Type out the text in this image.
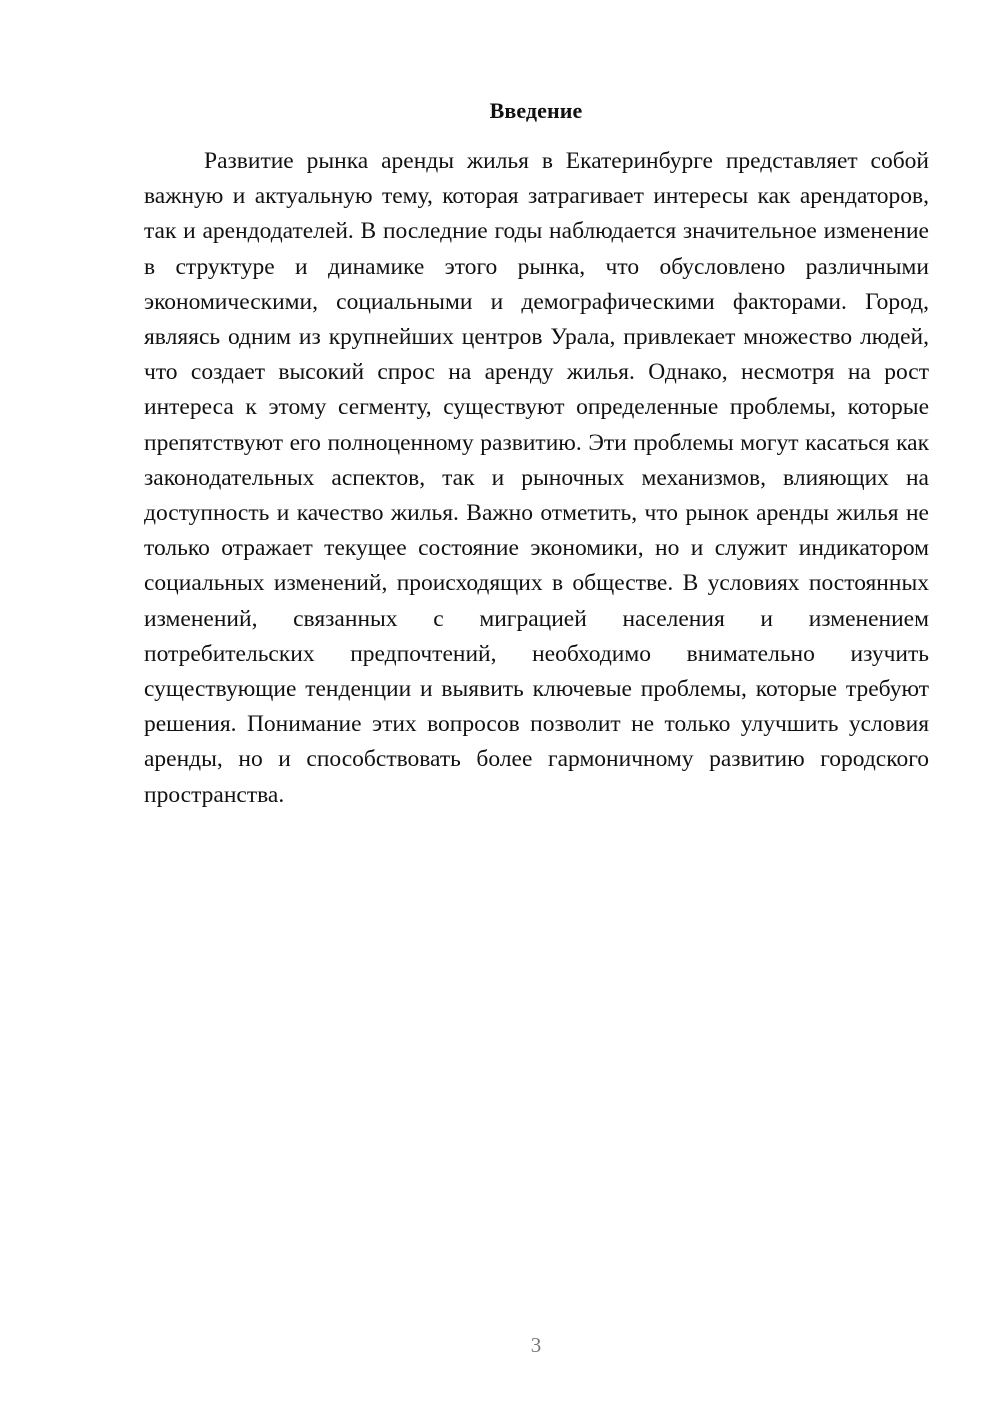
Введение

Развитие рынка аренды жилья в Екатеринбурге представляет собой важную и актуальную тему, которая затрагивает интересы как арендаторов, так и арендодателей. В последние годы наблюдается значительное изменение в структуре и динамике этого рынка, что обусловлено различными экономическими, социальными и демографическими факторами. Город, являясь одним из крупнейших центров Урала, привлекает множество людей, что создает высокий спрос на аренду жилья. Однако, несмотря на рост интереса к этому сегменту, существуют определенные проблемы, которые препятствуют его полноценному развитию. Эти проблемы могут касаться как законодательных аспектов, так и рыночных механизмов, влияющих на доступность и качество жилья. Важно отметить, что рынок аренды жилья не только отражает текущее состояние экономики, но и служит индикатором социальных изменений, происходящих в обществе. В условиях постоянных изменений, связанных с миграцией населения и изменением потребительских предпочтений, необходимо внимательно изучить существующие тенденции и выявить ключевые проблемы, которые требуют решения. Понимание этих вопросов позволит не только улучшить условия аренды, но и способствовать более гармоничному развитию городского пространства.

3
